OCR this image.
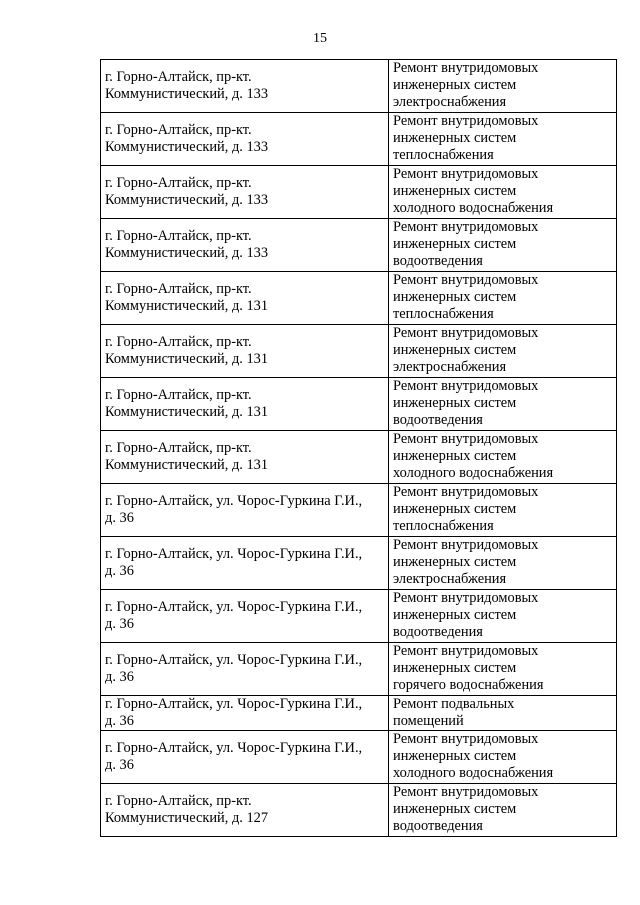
15
г. Горно-Алтайск, пр-кт.
Коммунистический, д. 133	Ремонт внутридомовых
инженерных систем
электроснабжения

г. Горно-Алтайск, пр-кт.
Коммунистический, д. 133	Ремонт внутридомовых
инженерных систем
теплоснабжения

г. Горно-Алтайск, пр-кт.
Коммунистический, д. 133	Ремонт внутридомовых
инженерных систем
холодного водоснабжения

г. Горно-Алтайск, пр-кт.
Коммунистический, д. 133	Ремонт внутридомовых
инженерных систем
водоотведения

г. Горно-Алтайск, пр-кт.
Коммунистический, д. 131	Ремонт внутридомовых
инженерных систем
теплоснабжения

г. Горно-Алтайск, пр-кт.
Коммунистический, д. 131	Ремонт внутридомовых
инженерных систем
электроснабжения

г. Горно-Алтайск, пр-кт.
Коммунистический, д. 131	Ремонт внутридомовых
инженерных систем
водоотведения

г. Горно-Алтайск, пр-кт.
Коммунистический, д. 131	Ремонт внутридомовых
инженерных систем
холодного водоснабжения

г. Горно-Алтайск, ул. Чорос-Гуркина Г.И.,
д. 36	Ремонт внутридомовых
инженерных систем
теплоснабжения

г. Горно-Алтайск, ул. Чорос-Гуркина Г.И.,
д. 36	Ремонт внутридомовых
инженерных систем
электроснабжения

г. Горно-Алтайск, ул. Чорос-Гуркина Г.И.,
д. 36	Ремонт внутридомовых
инженерных систем
водоотведения

г. Горно-Алтайск, ул. Чорос-Гуркина Г.И.,
д. 36	Ремонт внутридомовых
инженерных систем
горячего водоснабжения

г. Горно-Алтайск, ул. Чорос-Гуркина Г.И.,
д. 36	Ремонт подвальных
помещений

г. Горно-Алтайск, ул. Чорос-Гуркина Г.И.,
д. 36	Ремонт внутридомовых
инженерных систем
холодного водоснабжения

г. Горно-Алтайск, пр-кт.
Коммунистический, д. 127	Ремонт внутридомовых
инженерных систем
водоотведения
